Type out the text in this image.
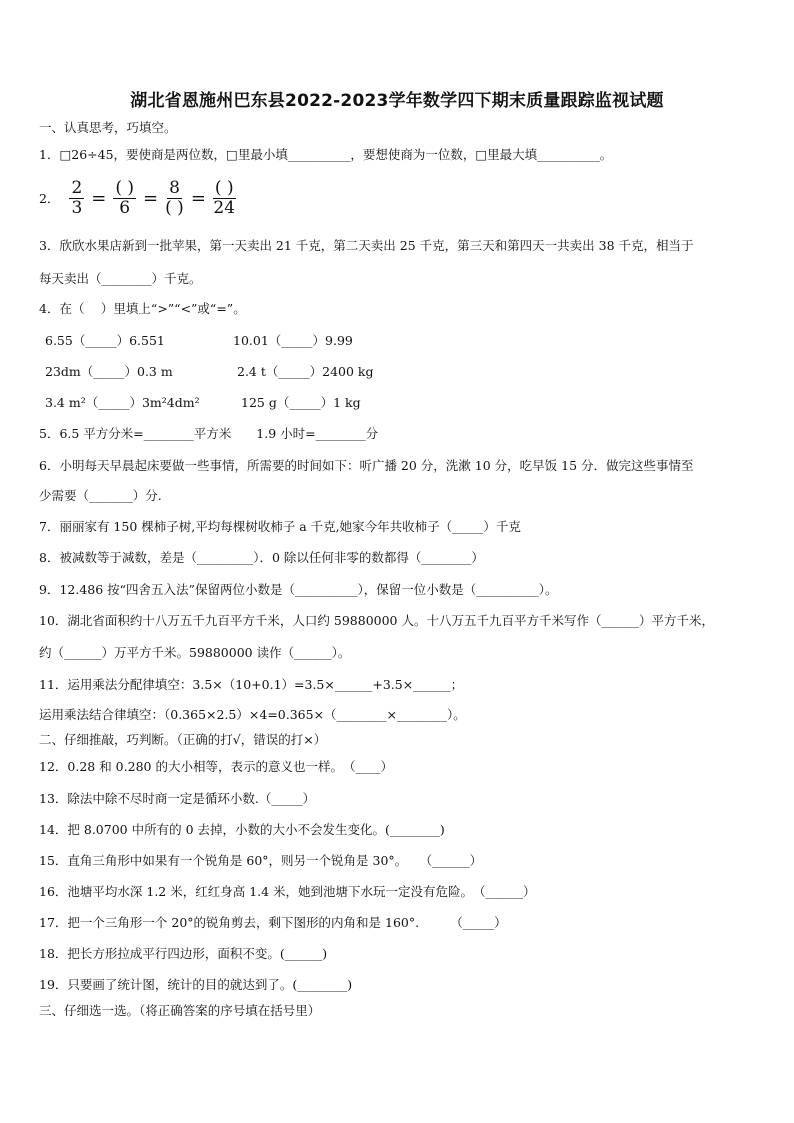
湖北省恩施州巴东县2022-2023学年数学四下期末质量跟踪监视试题
一、认真思考，巧填空。
1．□26÷45，要使商是两位数，□里最小填__________，要想使商为一位数，□里最大填__________。
2． $\frac{2}{3}$ = ( )
6 = 8
( ) = ( )
24
3．欣欣水果店新到一批苹果，第一天卖出 21 千克，第二天卖出 25 千克，第三天和第四天一共卖出 38 千克，相当于
每天卖出（________）千克。
4．在（　 ）里填上“>”“<”或“=”。
6.55（_____）6.551	10.01（_____）9.99
23dm（_____）0.3 m	2.4 t（_____）2400 kg
3.4 m²（_____）3m²4dm²	125 g（_____）1 kg
5．6.5 平方分米=________平方米　　1.9 小时=________分
6．小明每天早晨起床要做一些事情，所需要的时间如下：听广播 20 分，洗漱 10 分，吃早饭 15 分．做完这些事情至
少需要（_______）分.
7．丽丽家有 150 棵柿子树,平均每棵树收柿子 a 千克,她家今年共收柿子（_____）千克
8．被减数等于减数，差是（_________）．0 除以任何非零的数都得（________）
9．12.486 按“四舍五入法”保留两位小数是（__________），保留一位小数是（__________）。
10．湖北省面积约十八万五千九百平方千米，人口约 59880000 人。十八万五千九百平方千米写作（______）平方千米，
约（______）万平方千米。59880000 读作（______）。
11．运用乘法分配律填空：3.5×（10+0.1）=3.5×______+3.5×______；
运用乘法结合律填空：（0.365×2.5）×4=0.365×（________×________）。
二、仔细推敲，巧判断。（正确的打√，错误的打×）
12．0.28 和 0.280 的大小相等，表示的意义也一样。　（____）
13．除法中除不尽时商一定是循环小数.（_____）
14．把 8.0700 中所有的 0 去掉，小数的大小不会发生变化。(________)
15．直角三角形中如果有一个锐角是 60°，则另一个锐角是 30°。　　（______）
16．池塘平均水深 1.2 米，红红身高 1.4 米，她到池塘下水玩一定没有危险。　（______）
17．把一个三角形一个 20°的锐角剪去，剩下图形的内角和是 160°.　　　（_____）
18．把长方形拉成平行四边形，面积不变。(______)
19．只要画了统计图，统计的目的就达到了。(________)
三、仔细选一选。（将正确答案的序号填在括号里）
